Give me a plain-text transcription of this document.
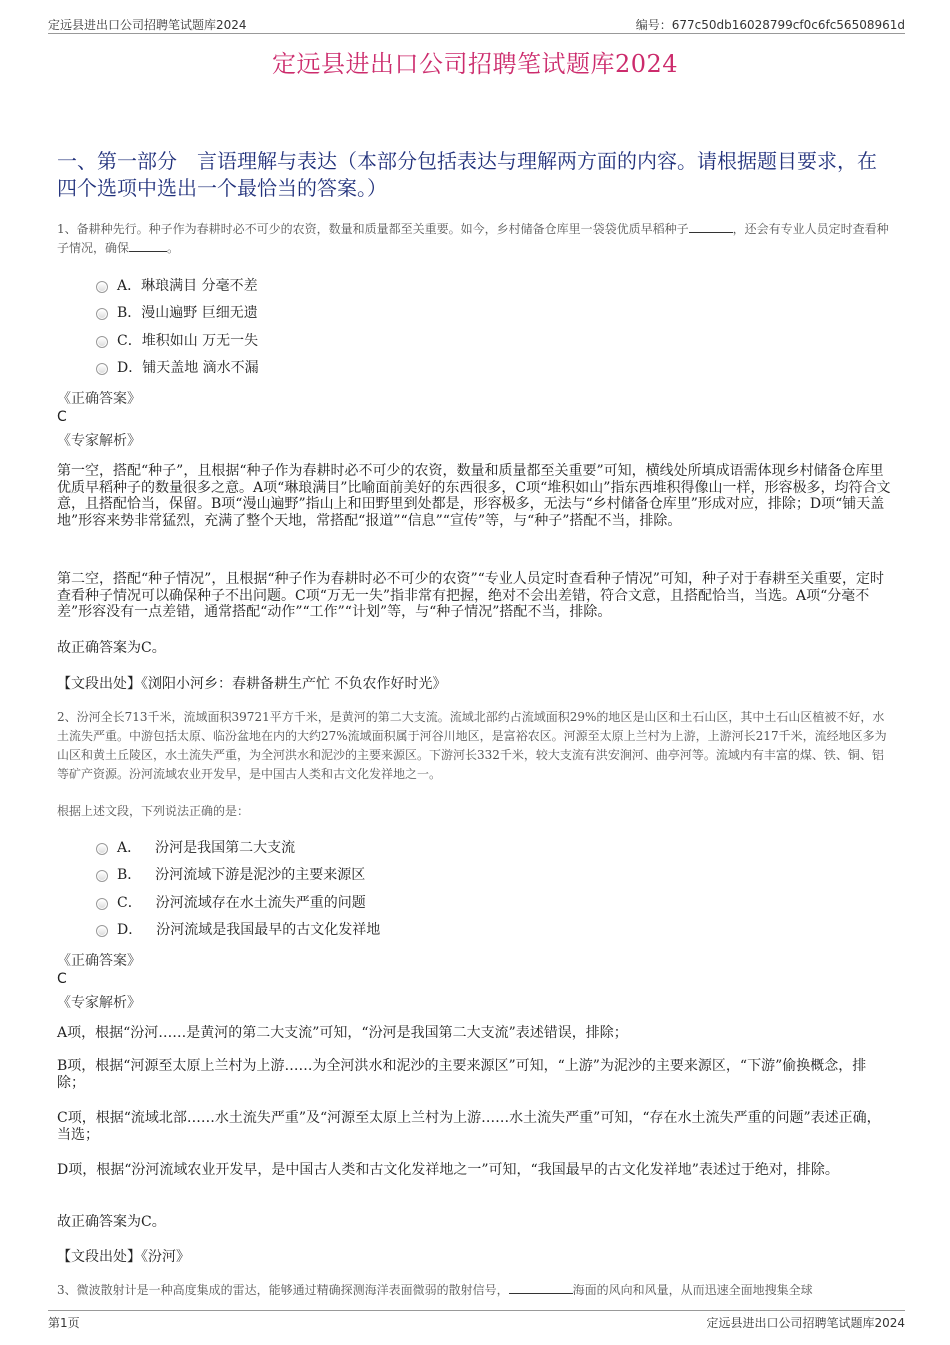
定远县进出口公司招聘笔试题库2024	编号：677c50db16028799cf0c6fc56508961d
定远县进出口公司招聘笔试题库2024
一、第一部分　言语理解与表达（本部分包括表达与理解两方面的内容。请根据题目要求，在四个选项中选出一个最恰当的答案。）
1、备耕种先行。种子作为春耕时必不可少的农资，数量和质量都至关重要。如今，乡村储备仓库里一袋袋优质早稻种子	，还会有专业人员定时查看种子情况，确保	。
A． 琳琅满目 分毫不差
B． 漫山遍野 巨细无遗
C． 堆积如山 万无一失
D． 铺天盖地 滴水不漏
《正确答案》
C
《专家解析》
第一空，搭配“种子”，且根据“种子作为春耕时必不可少的农资，数量和质量都至关重要”可知，横线处所填成语需体现乡村储备仓库里优质早稻种子的数量很多之意。A项“琳琅满目”比喻面前美好的东西很多，C项“堆积如山”指东西堆积得像山一样，形容极多，均符合文意，且搭配恰当，保留。B项“漫山遍野”指山上和田野里到处都是，形容极多，无法与“乡村储备仓库里”形成对应，排除；D项“铺天盖地”形容来势非常猛烈，充满了整个天地，常搭配“报道”“信息”“宣传”等，与“种子”搭配不当，排除。
第二空，搭配“种子情况”，且根据“种子作为春耕时必不可少的农资”“专业人员定时查看种子情况”可知，种子对于春耕至关重要，定时查看种子情况可以确保种子不出问题。C项“万无一失”指非常有把握，绝对不会出差错，符合文意，且搭配恰当，当选。A项“分毫不差”形容没有一点差错，通常搭配“动作”“工作”“计划”等，与“种子情况”搭配不当，排除。
故正确答案为C。
【文段出处】《浏阳小河乡：春耕备耕生产忙 不负农作好时光》
2、汾河全长713千米，流域面积39721平方千米，是黄河的第二大支流。流域北部约占流域面积29%的地区是山区和土石山区，其中土石山区植被不好，水土流失严重。中游包括太原、临汾盆地在内的大约27%流域面积属于河谷川地区，是富裕农区。河源至太原上兰村为上游，上游河长217千米，流经地区多为山区和黄土丘陵区，水土流失严重，为全河洪水和泥沙的主要来源区。下游河长332千米，较大支流有洪安涧河、曲亭河等。流域内有丰富的煤、铁、铜、铝等矿产资源。汾河流域农业开发早，是中国古人类和古文化发祥地之一。
根据上述文段，下列说法正确的是：
A． 汾河是我国第二大支流
B． 汾河流域下游是泥沙的主要来源区
C． 汾河流域存在水土流失严重的问题
D． 汾河流域是我国最早的古文化发祥地
《正确答案》
C
《专家解析》
A项，根据“汾河……是黄河的第二大支流”可知，“汾河是我国第二大支流”表述错误，排除；
B项，根据“河源至太原上兰村为上游……为全河洪水和泥沙的主要来源区”可知，“上游”为泥沙的主要来源区，“下游”偷换概念，排除；
C项，根据“流域北部……水土流失严重”及“河源至太原上兰村为上游……水土流失严重”可知，“存在水土流失严重的问题”表述正确，当选；
D项，根据“汾河流域农业开发早，是中国古人类和古文化发祥地之一”可知，“我国最早的古文化发祥地”表述过于绝对，排除。
故正确答案为C。
【文段出处】《汾河》
3、微波散射计是一种高度集成的雷达，能够通过精确探测海洋表面微弱的散射信号，	海面的风向和风量，从而迅速全面地搜集全球
第1页	定远县进出口公司招聘笔试题库2024
